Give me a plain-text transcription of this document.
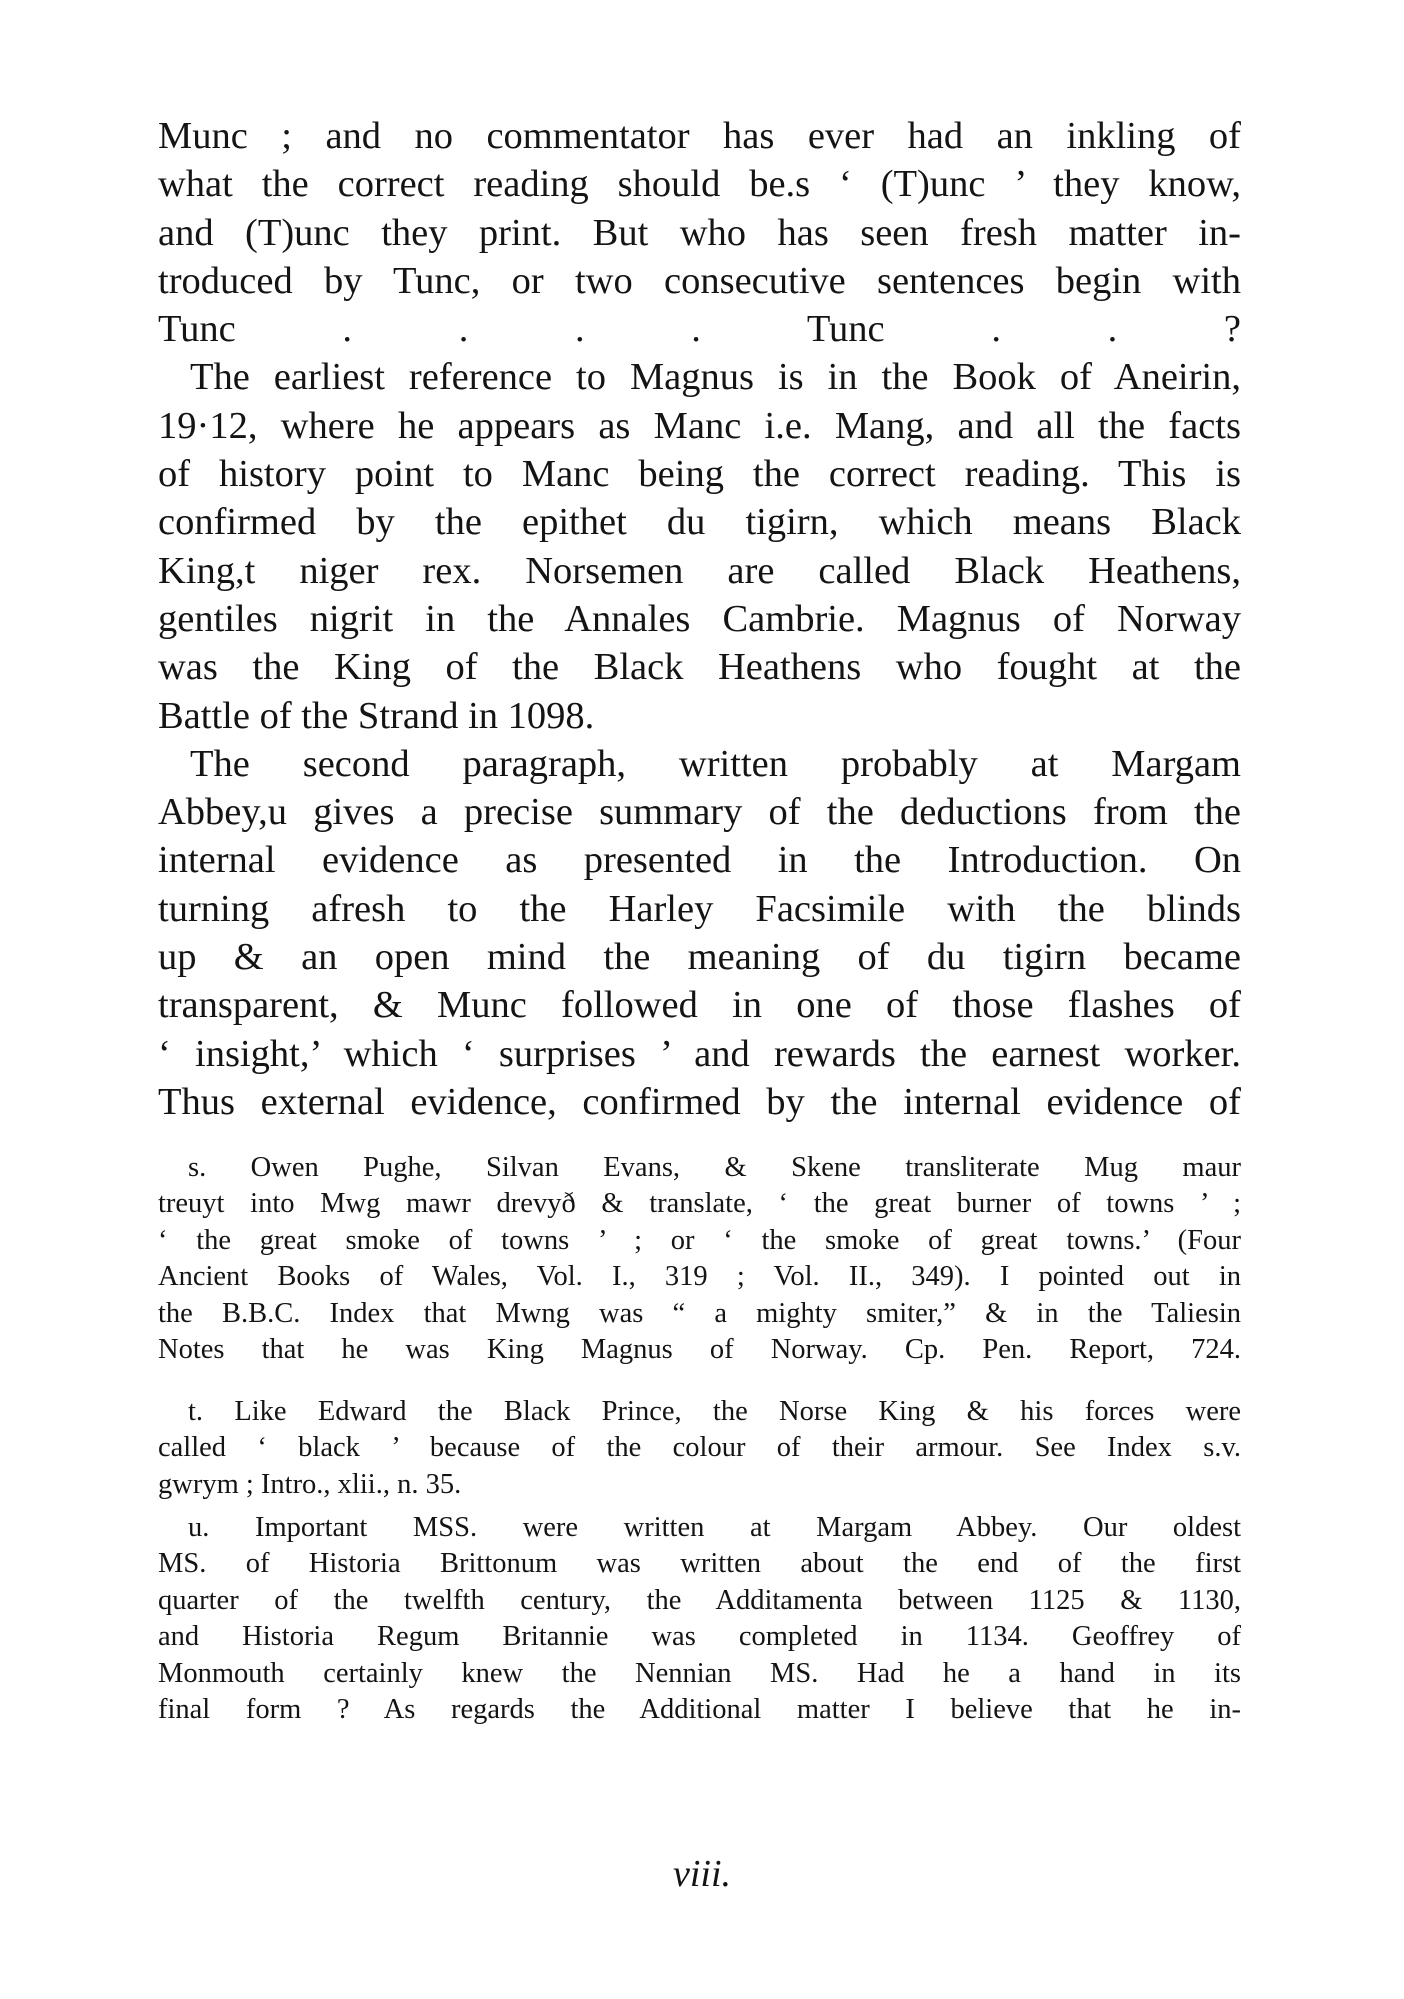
Munc ; and no commentator has ever had an inkling of
what the correct reading should be.s ‘ (T)unc ’ they know,
and (T)unc they print. But who has seen fresh matter in-
troduced by Tunc, or two consecutive sentences begin with
Tunc . . . . Tunc . . ?
The earliest reference to Magnus is in the Book of Aneirin,
19·12, where he appears as Manc i.e. Mang, and all the facts
of history point to Manc being the correct reading. This is
confirmed by the epithet du tigirn, which means Black
King,t niger rex. Norsemen are called Black Heathens,
gentiles nigrit in the Annales Cambrie. Magnus of Norway
was the King of the Black Heathens who fought at the
Battle of the Strand in 1098.
The second paragraph, written probably at Margam
Abbey,u gives a precise summary of the deductions from the
internal evidence as presented in the Introduction. On
turning afresh to the Harley Facsimile with the blinds
up & an open mind the meaning of du tigirn became
transparent, & Munc followed in one of those flashes of
‘ insight,’ which ‘ surprises ’ and rewards the earnest worker.
Thus external evidence, confirmed by the internal evidence of
s. Owen Pughe, Silvan Evans, & Skene transliterate Mug maur
treuyt into Mwg mawr drevyð & translate, ‘ the great burner of towns ’ ;
‘ the great smoke of towns ’ ; or ‘ the smoke of great towns.’ (Four
Ancient Books of Wales, Vol. I., 319 ; Vol. II., 349). I pointed out in
the B.B.C. Index that Mwng was “ a mighty smiter,” & in the Taliesin
Notes that he was King Magnus of Norway. Cp. Pen. Report, 724.
t. Like Edward the Black Prince, the Norse King & his forces were
called ‘ black ’ because of the colour of their armour. See Index s.v.
gwrym ; Intro., xlii., n. 35.
u. Important MSS. were written at Margam Abbey. Our oldest
MS. of Historia Brittonum was written about the end of the first
quarter of the twelfth century, the Additamenta between 1125 & 1130,
and Historia Regum Britannie was completed in 1134. Geoffrey of
Monmouth certainly knew the Nennian MS. Had he a hand in its
final form ? As regards the Additional matter I believe that he in-
viii.
